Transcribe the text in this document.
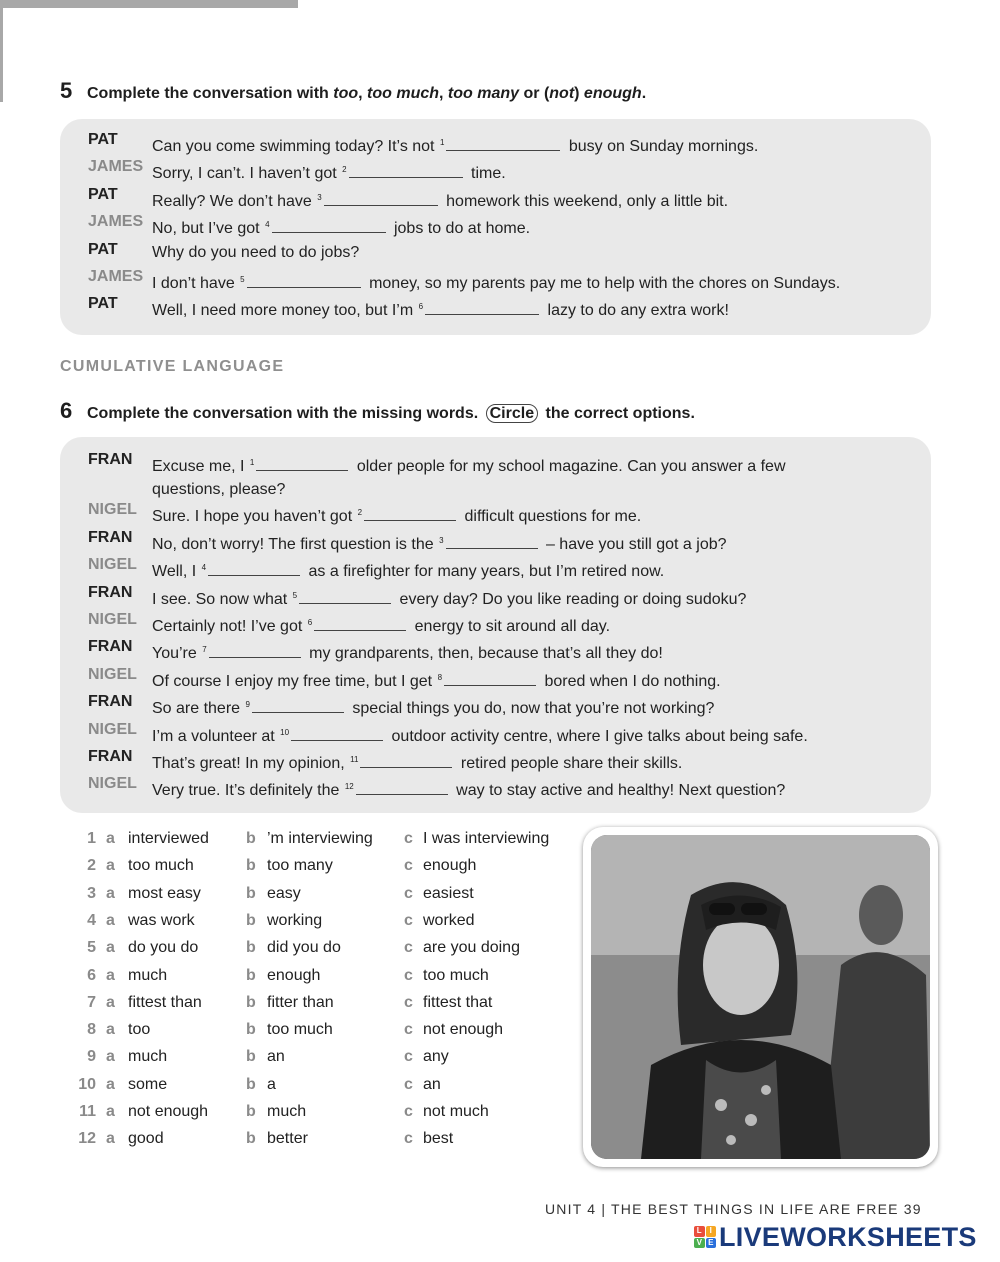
5 Complete the conversation with too, too much, too many or (not) enough.
PAT	Can you come swimming today? It’s not $^1$	busy on Sunday mornings.
JAMES Sorry, I can’t. I haven’t got $^2$	time.
PAT	Really? We don’t have $^3$	homework this weekend, only a little bit.
JAMES No, but I’ve got $^4$	jobs to do at home.
PAT	Why do you need to do jobs?
JAMES I don’t have $^5$	money, so my parents pay me to help with the chores on Sundays.
PAT	Well, I need more money too, but I’m $^6$	lazy to do any extra work!
CUMULATIVE LANGUAGE
6 Complete the conversation with the missing words. Circle the correct options.
FRAN	Excuse me, I $^1$	older people for my school magazine. Can you answer a few
questions, please?
NIGEL Sure. I hope you haven’t got $^2$	difficult questions for me.
FRAN	No, don’t worry! The first question is the $^3$	– have you still got a job?
NIGEL Well, I $^4$	as a firefighter for many years, but I’m retired now.
FRAN	I see. So now what $^5$	every day? Do you like reading or doing sudoku?
NIGEL Certainly not! I’ve got $^6$	energy to sit around all day.
FRAN	You’re $^7$	my grandparents, then, because that’s all they do!
NIGEL Of course I enjoy my free time, but I get $^8$	bored when I do nothing.
FRAN	So are there $^9$	special things you do, now that you’re not working?
NIGEL I’m a volunteer at $^{10}$	outdoor activity centre, where I give talks about being safe.
FRAN	That’s great! In my opinion, $^{11}$	retired people share their skills.
NIGEL Very true. It’s definitely the $^{12}$	way to stay active and healthy! Next question?
1 a interviewed b ’m interviewing c I was interviewing
2 a too much	b too many	c enough
3 a most easy	b easy	c easiest
4 a was work	b working	c worked
5 a do you do	b did you do	c are you doing
6 a much	b enough	c too much
7 a fittest than	b fitter than	c fittest that
8 a too	b too much	c not enough
9 a much	b an	c any
10 a some	b a	c an
11 a not enough b much	c not much
12 a good	b better	c best
UNIT 4 | THE BEST THINGS IN LIFE ARE FREE 39
L I
V E LIVEWORKSHEETS
